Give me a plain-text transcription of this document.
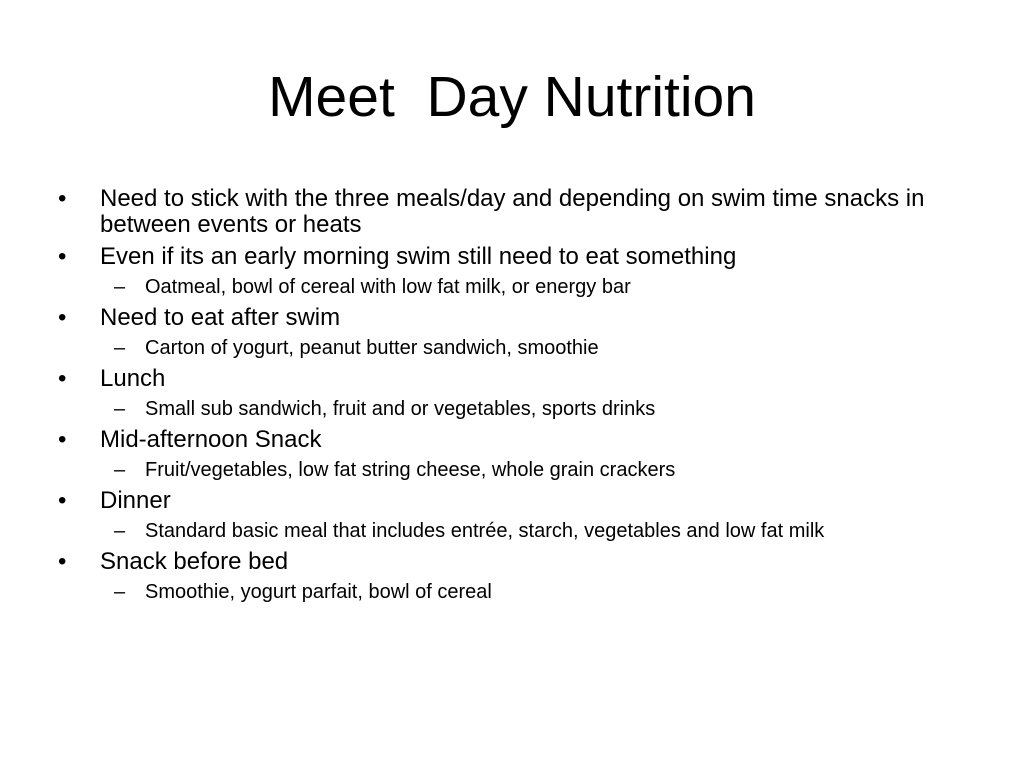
Meet  Day Nutrition
• Need to stick with the three meals/day and depending on swim time snacks in between events or heats
• Even if its an early morning swim still need to eat something
– Oatmeal, bowl of cereal with low fat milk, or energy bar
• Need to eat after swim
– Carton of yogurt, peanut butter sandwich, smoothie
• Lunch
– Small sub sandwich, fruit and or vegetables, sports drinks
• Mid-afternoon Snack
– Fruit/vegetables, low fat string cheese, whole grain crackers
• Dinner
– Standard basic meal that includes entrée, starch, vegetables and low fat milk
• Snack before bed
– Smoothie, yogurt parfait, bowl of cereal
